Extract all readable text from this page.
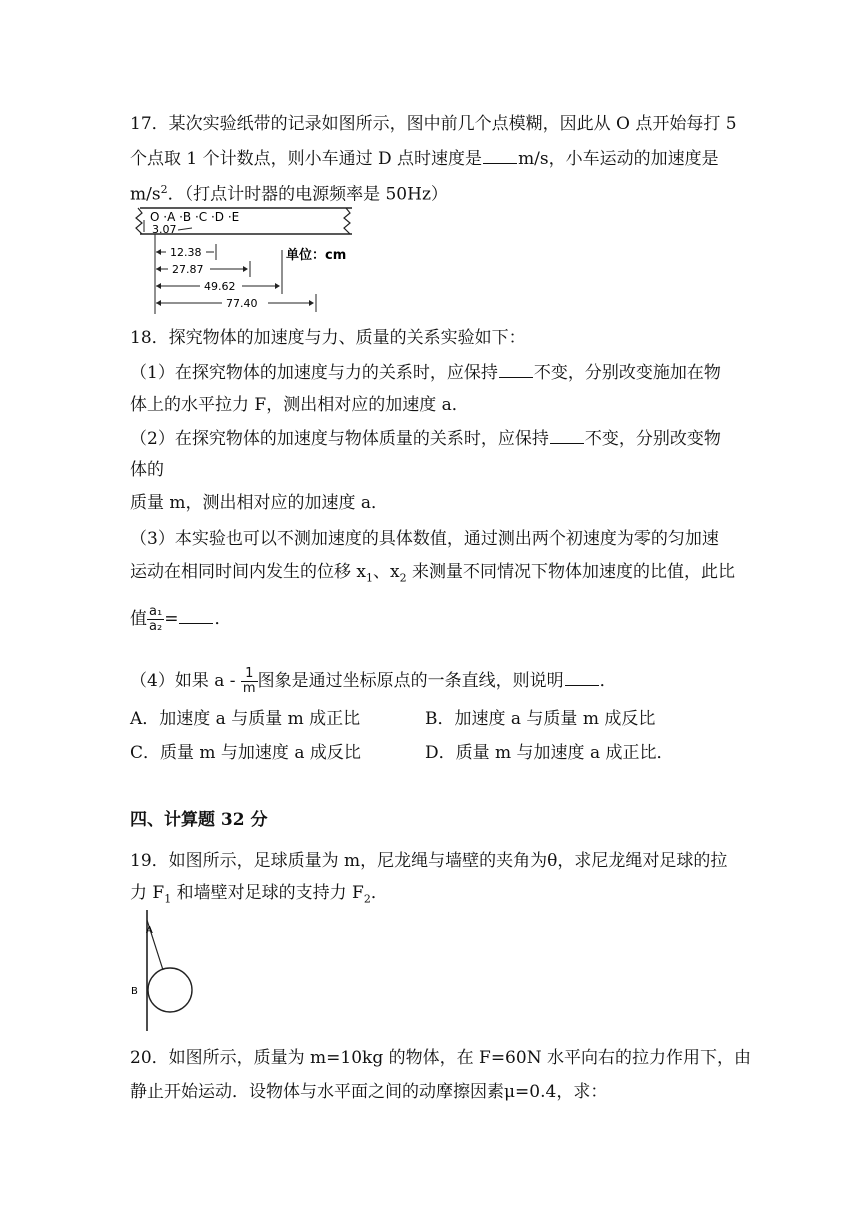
17．某次实验纸带的记录如图所示，图中前几个点模糊，因此从 O 点开始每打 5
个点取 1 个计数点，则小车通过 D 点时速度是 m/s，小车运动的加速度是
$m/s^2$．（打点计时器的电源频率是 50Hz）
O ·A ·B ·C ·D ·E
3.07
12.38
27.87
49.62
77.40
单位：cm
18．探究物体的加速度与力、质量的关系实验如下：
（1）在探究物体的加速度与力的关系时，应保持 不变，分别改变施加在物
体上的水平拉力 F，测出相对应的加速度 a．
（2）在探究物体的加速度与物体质量的关系时，应保持 不变，分别改变物
体的
质量 m，测出相对应的加速度 a．
（3）本实验也可以不测加速度的具体数值，通过测出两个初速度为零的匀加速
运动在相同时间内发生的位移 $x_1$、$x_2$ 来测量不同情况下物体加速度的比值，此比
值 $\frac{\text{a₁}}{\text{a₂}}$ = ．
（4）如果 a - $\frac{1}{m}$ 图象是通过坐标原点的一条直线，则说明 ．
A．加速度 a 与质量 m 成正比	B．加速度 a 与质量 m 成反比
C．质量 m 与加速度 a 成反比	D．质量 m 与加速度 a 成正比．
四、计算题 32 分
19．如图所示，足球质量为 m，尼龙绳与墙壁的夹角为θ，求尼龙绳对足球的拉
力 $F_1$ 和墙壁对足球的支持力 $F_2$．
A
B
20．如图所示，质量为 m=10kg 的物体，在 F=60N 水平向右的拉力作用下，由
静止开始运动．设物体与水平面之间的动摩擦因素μ=0.4，求：
